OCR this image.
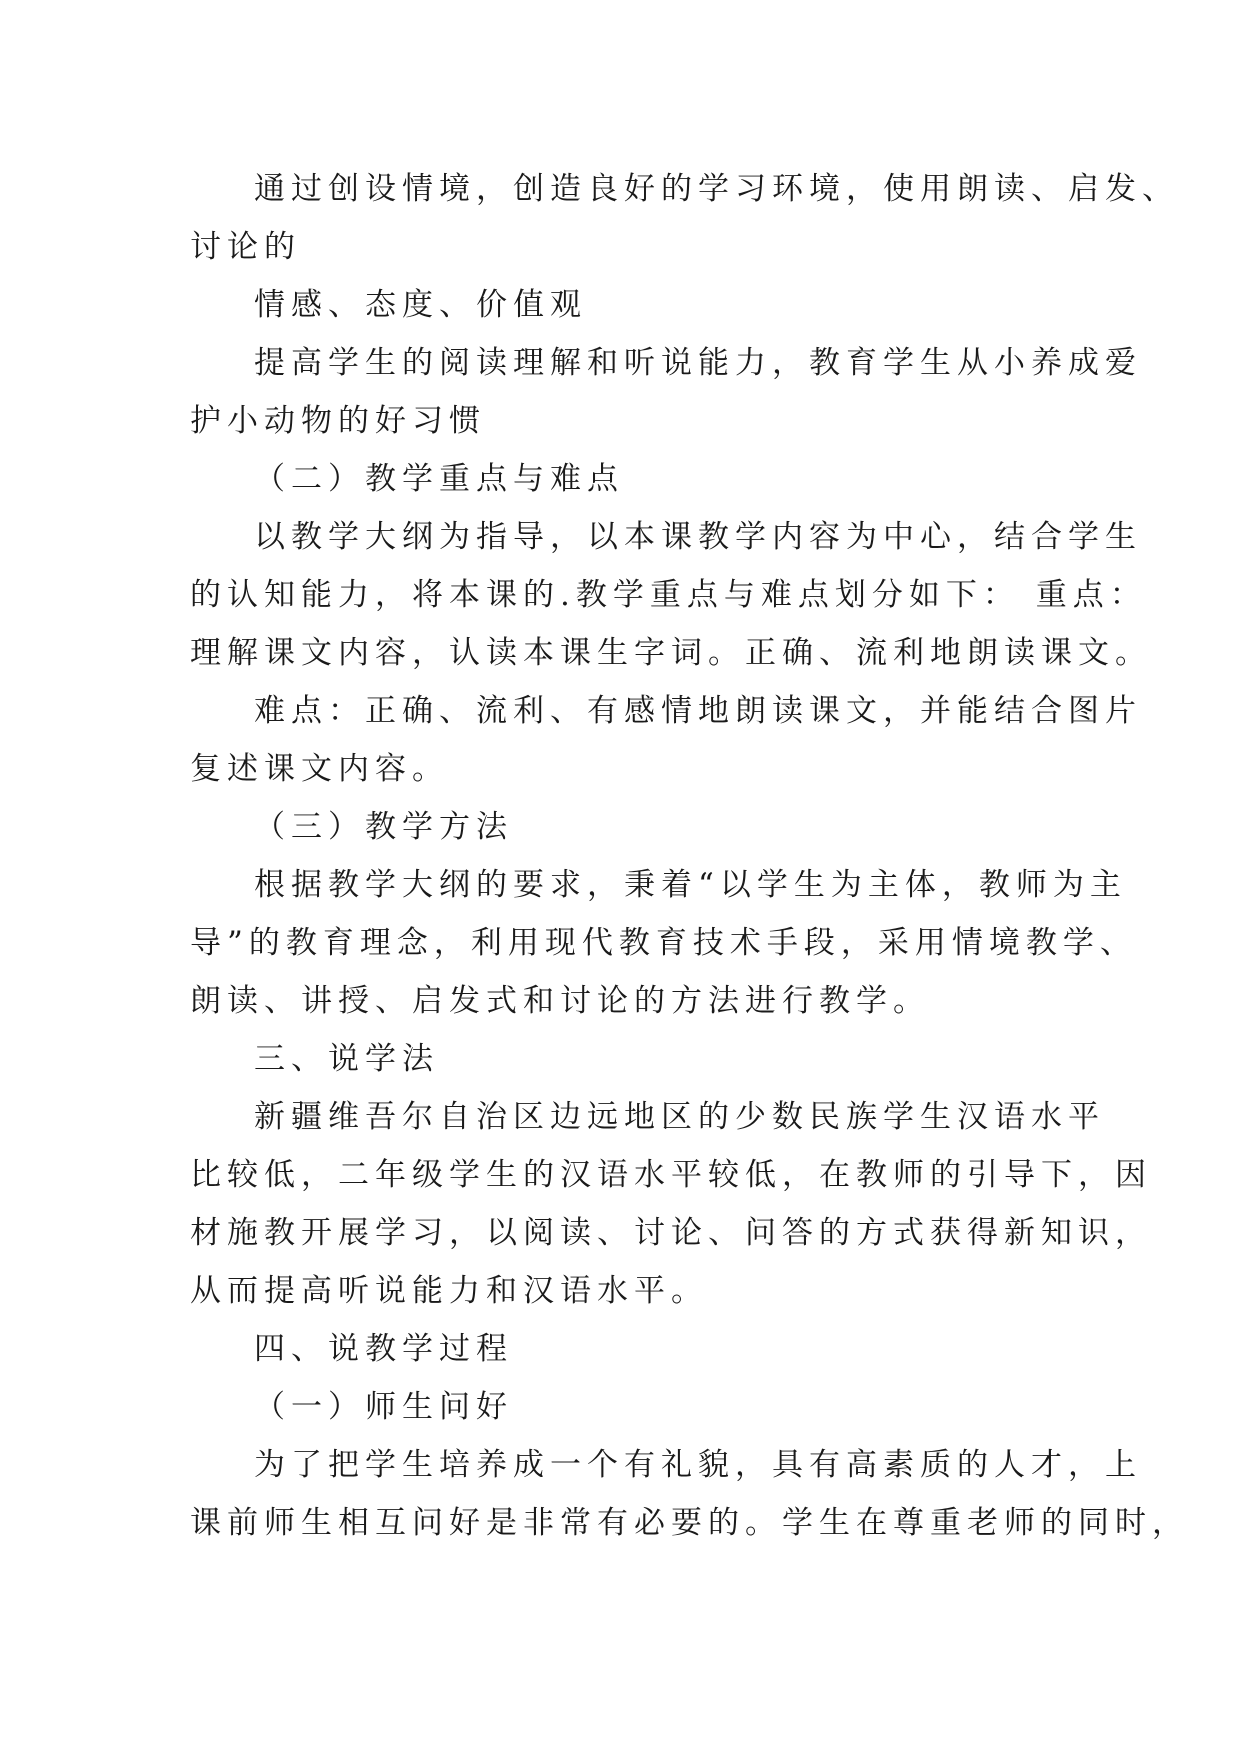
通过创设情境，创造良好的学习环境，使用朗读、启发、
讨论的
情感、态度、价值观
提高学生的阅读理解和听说能力，教育学生从小养成爱
护小动物的好习惯
（二）教学重点与难点
以教学大纲为指导，以本课教学内容为中心，结合学生
的认知能力，将本课的.教学重点与难点划分如下： 重点：
理解课文内容，认读本课生字词。正确、流利地朗读课文。
难点：正确、流利、有感情地朗读课文，并能结合图片
复述课文内容。
（三）教学方法
根据教学大纲的要求，秉着“以学生为主体，教师为主
导”的教育理念，利用现代教育技术手段，采用情境教学、
朗读、讲授、启发式和讨论的方法进行教学。
三、说学法
新疆维吾尔自治区边远地区的少数民族学生汉语水平
比较低，二年级学生的汉语水平较低，在教师的引导下，因
材施教开展学习，以阅读、讨论、问答的方式获得新知识，
从而提高听说能力和汉语水平。
四、说教学过程
（一）师生问好
为了把学生培养成一个有礼貌，具有高素质的人才，上
课前师生相互问好是非常有必要的。学生在尊重老师的同时，
